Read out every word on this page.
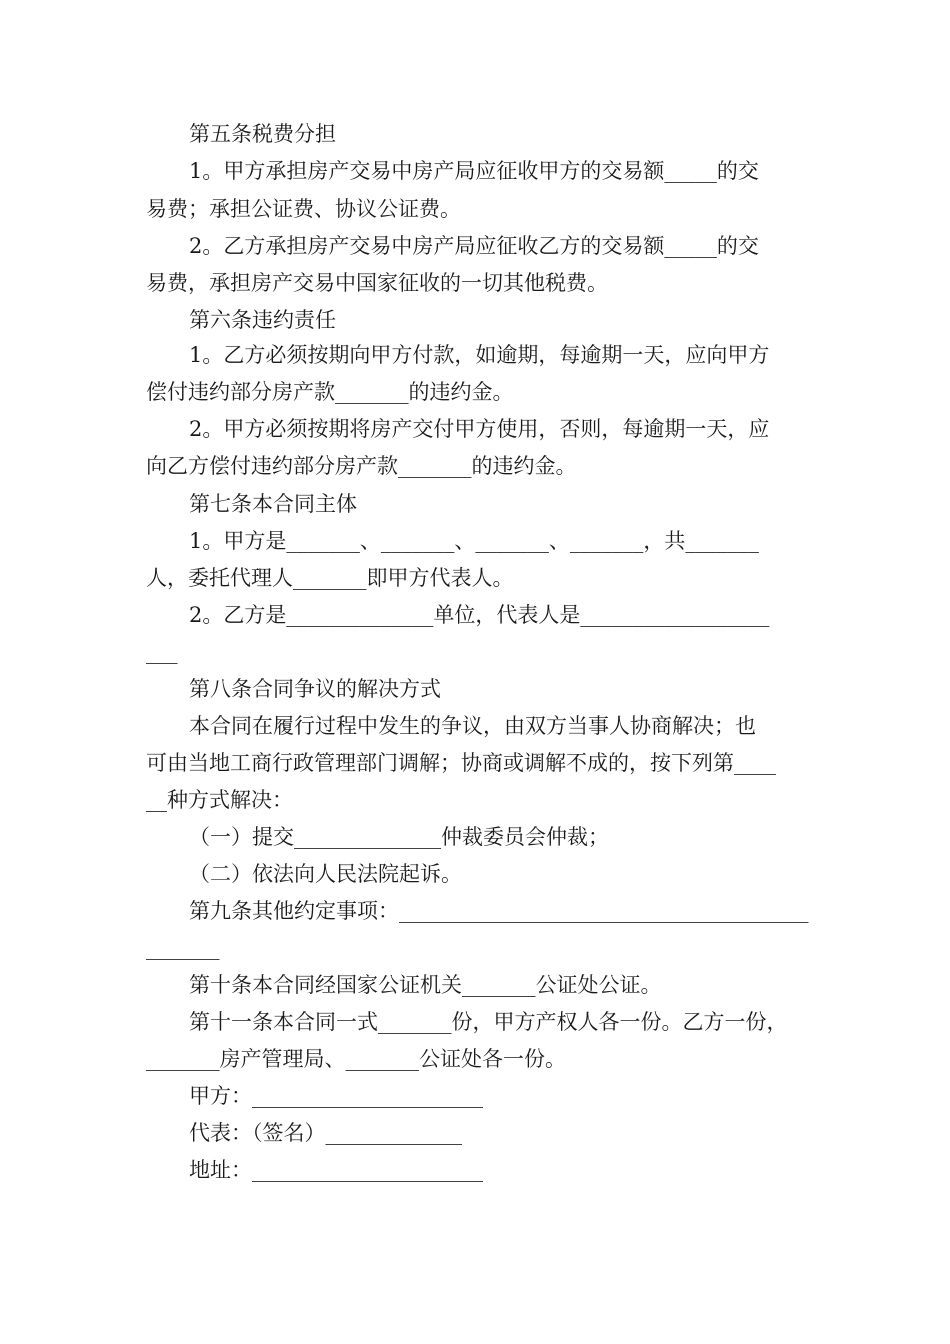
第五条税费分担
1。甲方承担房产交易中房产局应征收甲方的交易额_____的交
易费；承担公证费、协议公证费。
2。乙方承担房产交易中房产局应征收乙方的交易额_____的交
易费，承担房产交易中国家征收的一切其他税费。
第六条违约责任
1。乙方必须按期向甲方付款，如逾期，每逾期一天，应向甲方
偿付违约部分房产款_______的违约金。
2。甲方必须按期将房产交付甲方使用，否则，每逾期一天，应
向乙方偿付违约部分房产款_______的违约金。
第七条本合同主体
1。甲方是_______、_______、_______、_______，共_______
人，委托代理人_______即甲方代表人。
2。乙方是______________单位，代表人是__________________
___
第八条合同争议的解决方式
本合同在履行过程中发生的争议，由双方当事人协商解决；也
可由当地工商行政管理部门调解；协商或调解不成的，按下列第____
__种方式解决：
（一）提交______________仲裁委员会仲裁；
（二）依法向人民法院起诉。
第九条其他约定事项：_______________________________________
_______
第十条本合同经国家公证机关_______公证处公证。
第十一条本合同一式_______份，甲方产权人各一份。乙方一份，
_______房产管理局、_______公证处各一份。
甲方：______________________
代表：（签名）_____________
地址：______________________
